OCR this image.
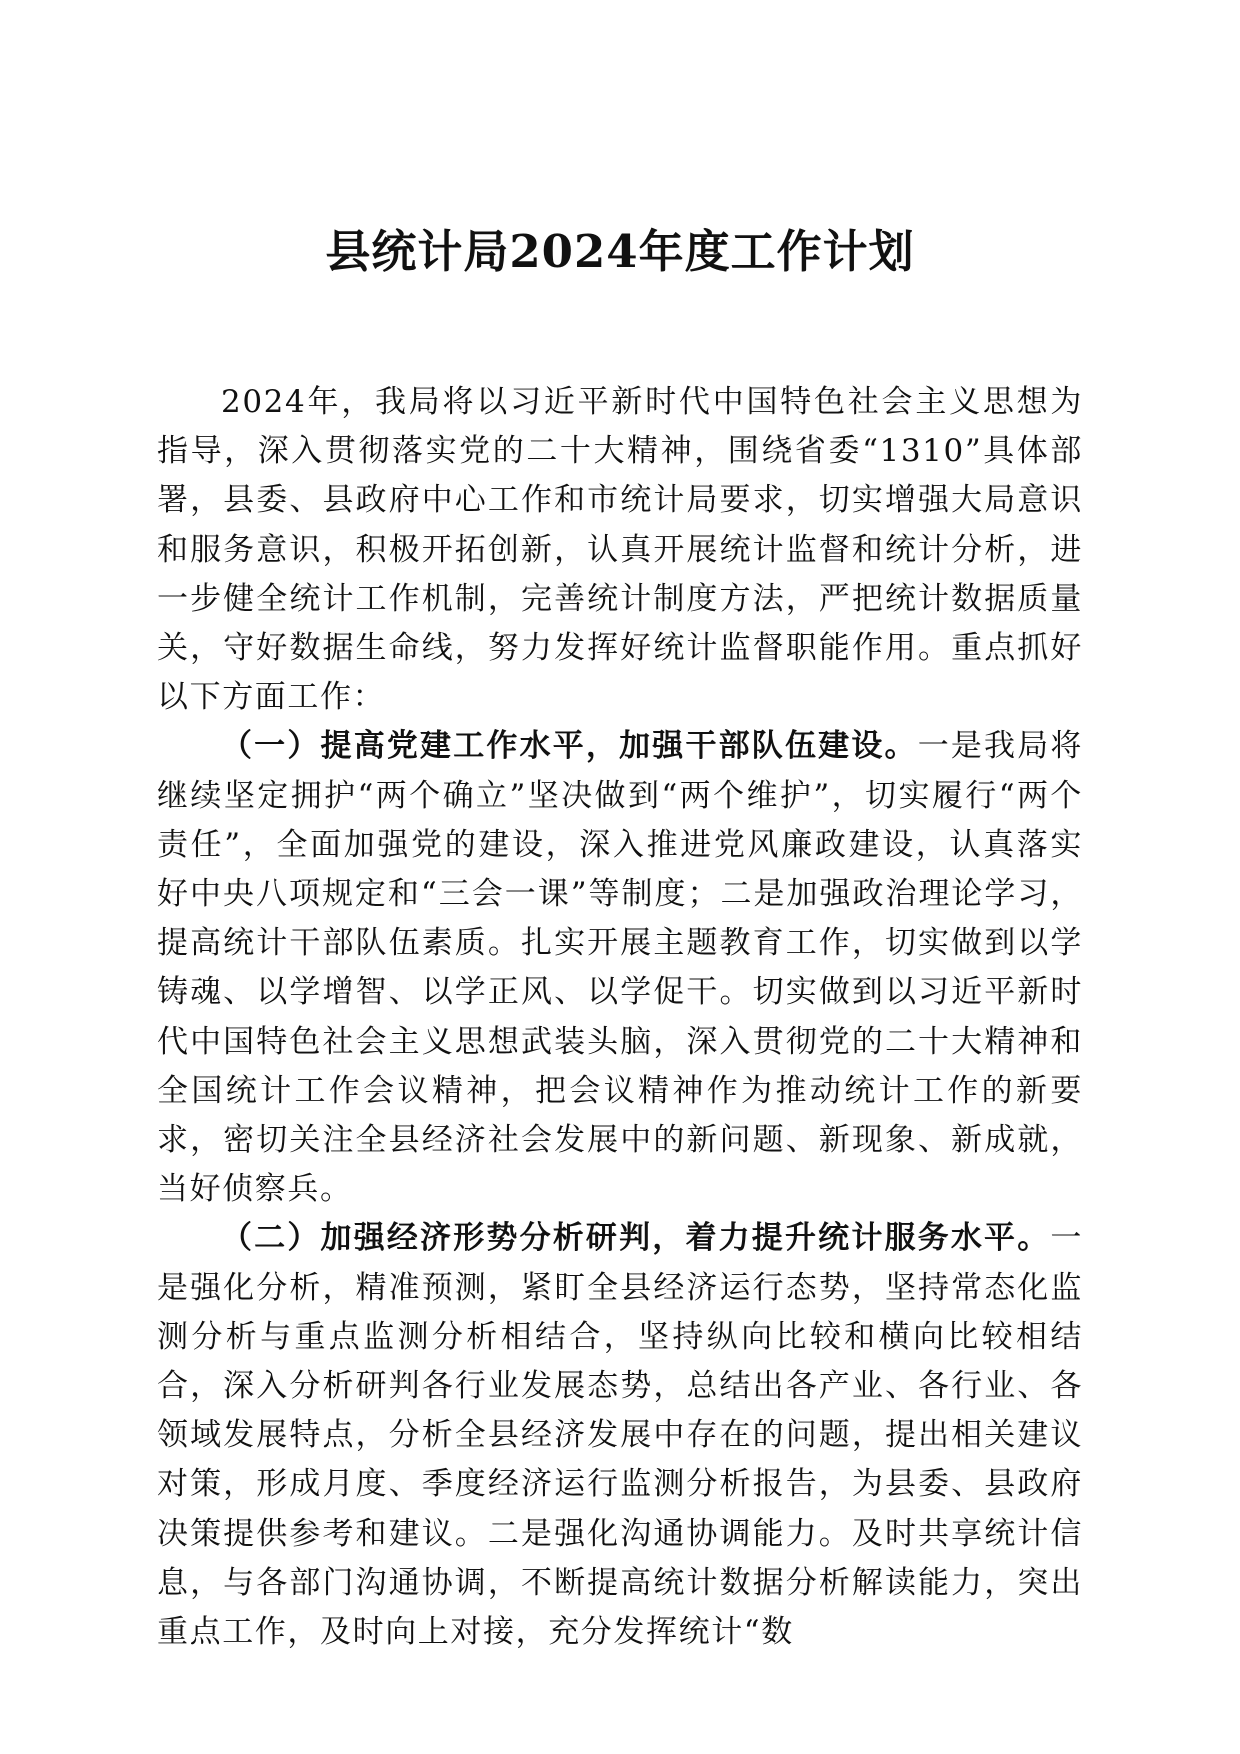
县统计局2024年度工作计划

2024年，我局将以习近平新时代中国特色社会主义思想为指导，深入贯彻落实党的二十大精神，围绕省委“1310”具体部署，县委、县政府中心工作和市统计局要求，切实增强大局意识和服务意识，积极开拓创新，认真开展统计监督和统计分析，进一步健全统计工作机制，完善统计制度方法，严把统计数据质量关，守好数据生命线，努力发挥好统计监督职能作用。重点抓好以下方面工作：

（一）提高党建工作水平，加强干部队伍建设。一是我局将继续坚定拥护“两个确立”坚决做到“两个维护”，切实履行“两个责任”，全面加强党的建设，深入推进党风廉政建设，认真落实好中央八项规定和“三会一课”等制度；二是加强政治理论学习，提高统计干部队伍素质。扎实开展主题教育工作，切实做到以学铸魂、以学增智、以学正风、以学促干。切实做到以习近平新时代中国特色社会主义思想武装头脑，深入贯彻党的二十大精神和全国统计工作会议精神，把会议精神作为推动统计工作的新要求，密切关注全县经济社会发展中的新问题、新现象、新成就，当好侦察兵。

（二）加强经济形势分析研判，着力提升统计服务水平。一是强化分析，精准预测，紧盯全县经济运行态势，坚持常态化监测分析与重点监测分析相结合，坚持纵向比较和横向比较相结合，深入分析研判各行业发展态势，总结出各产业、各行业、各领域发展特点，分析全县经济发展中存在的问题，提出相关建议对策，形成月度、季度经济运行监测分析报告，为县委、县政府决策提供参考和建议。二是强化沟通协调能力。及时共享统计信息，与各部门沟通协调，不断提高统计数据分析解读能力，突出重点工作，及时向上对接，充分发挥统计“数
